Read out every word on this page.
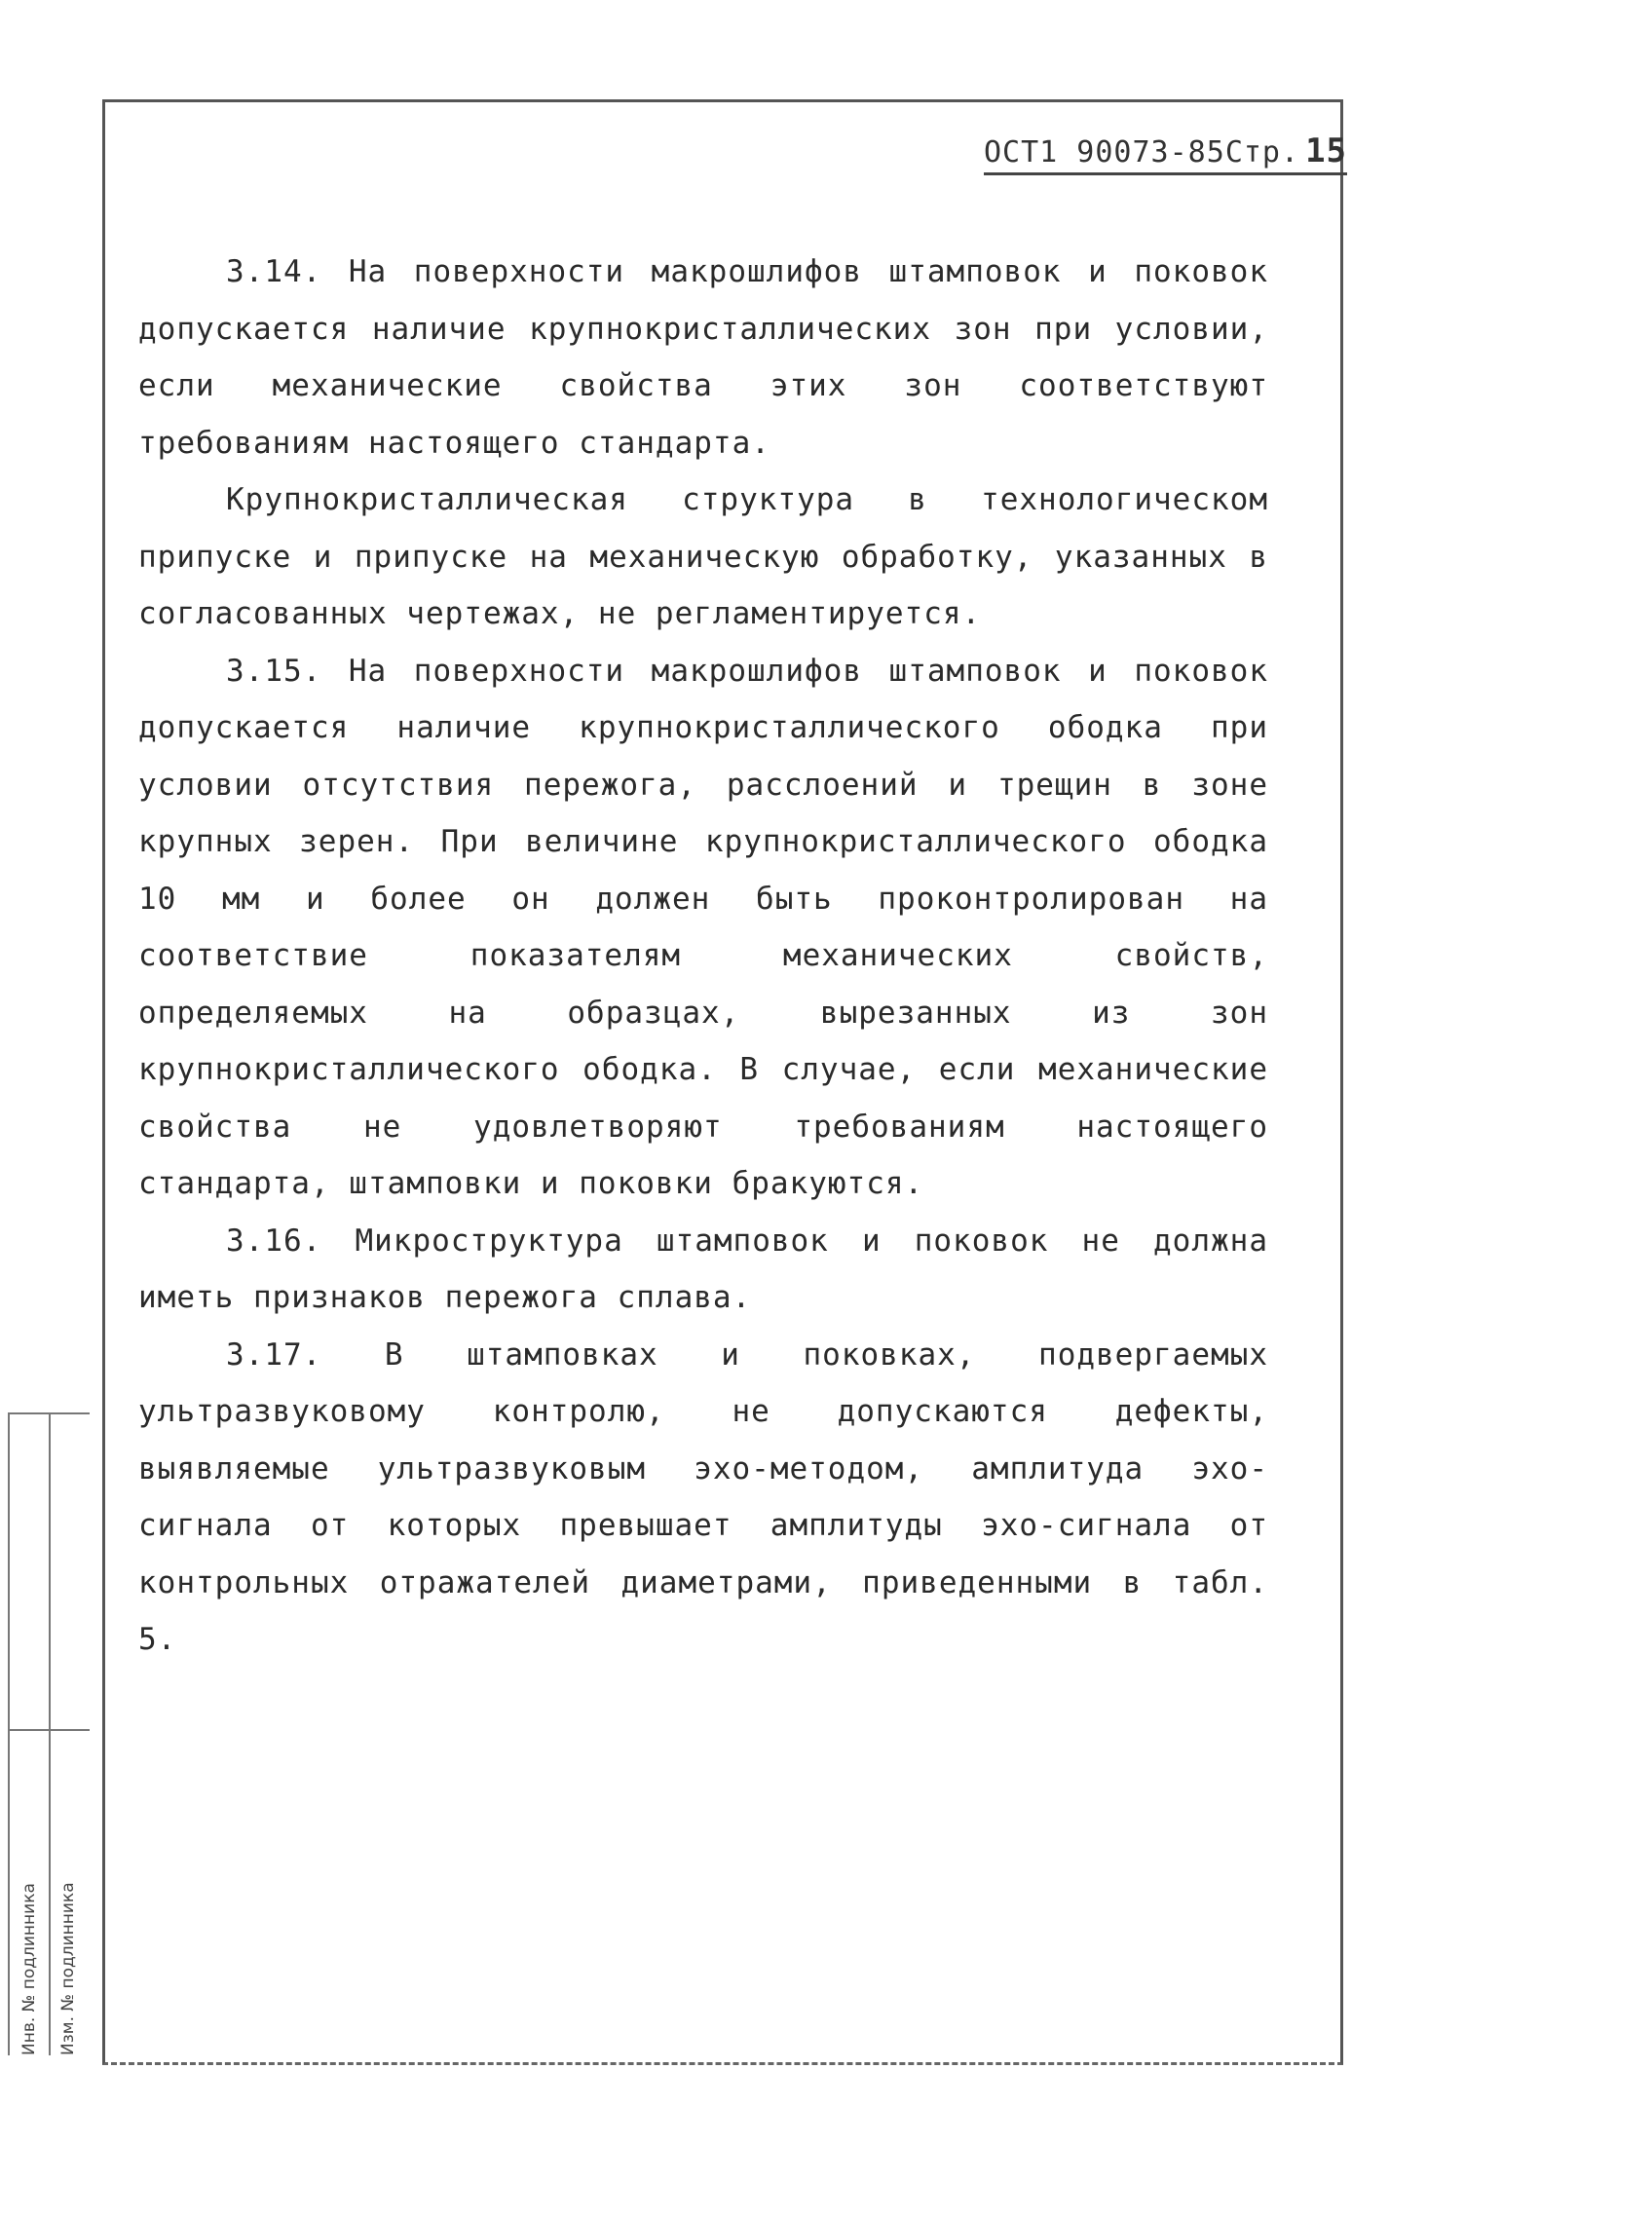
ОСТ1 90073-85Стр. 15

3.14. На поверхности макрошлифов штамповок и поковок допускается наличие крупнокристаллических зон при условии, если механические свойства этих зон соответствуют требованиям настоящего стандарта.

Крупнокристаллическая структура в технологическом припуске и припуске на механическую обработку, указанных в согласованных чертежах, не регламентируется.

3.15. На поверхности макрошлифов штамповок и поковок допускается наличие крупнокристаллического ободка при условии отсутствия пережога, расслоений и трещин в зоне крупных зерен. При величине крупнокристаллического ободка 10 мм и более он должен быть проконтролирован на соответствие показателям механических свойств, определяемых на образцах, вырезанных из зон крупнокристаллического ободка. В случае, если механические свойства не удовлетворяют требованиям настоящего стандарта, штамповки и поковки бракуются.

3.16. Микроструктура штамповок и поковок не должна иметь признаков пережога сплава.

3.17. В штамповках и поковках, подвергаемых ультразвуковому контролю, не допускаются дефекты, выявляемые ультразвуковым эхо-методом, амплитуда эхо-сигнала от которых превышает амплитуды эхо-сигнала от контрольных отражателей диаметрами, приведенными в табл. 5.

Инв. № подлинника Изм. № подлинника
